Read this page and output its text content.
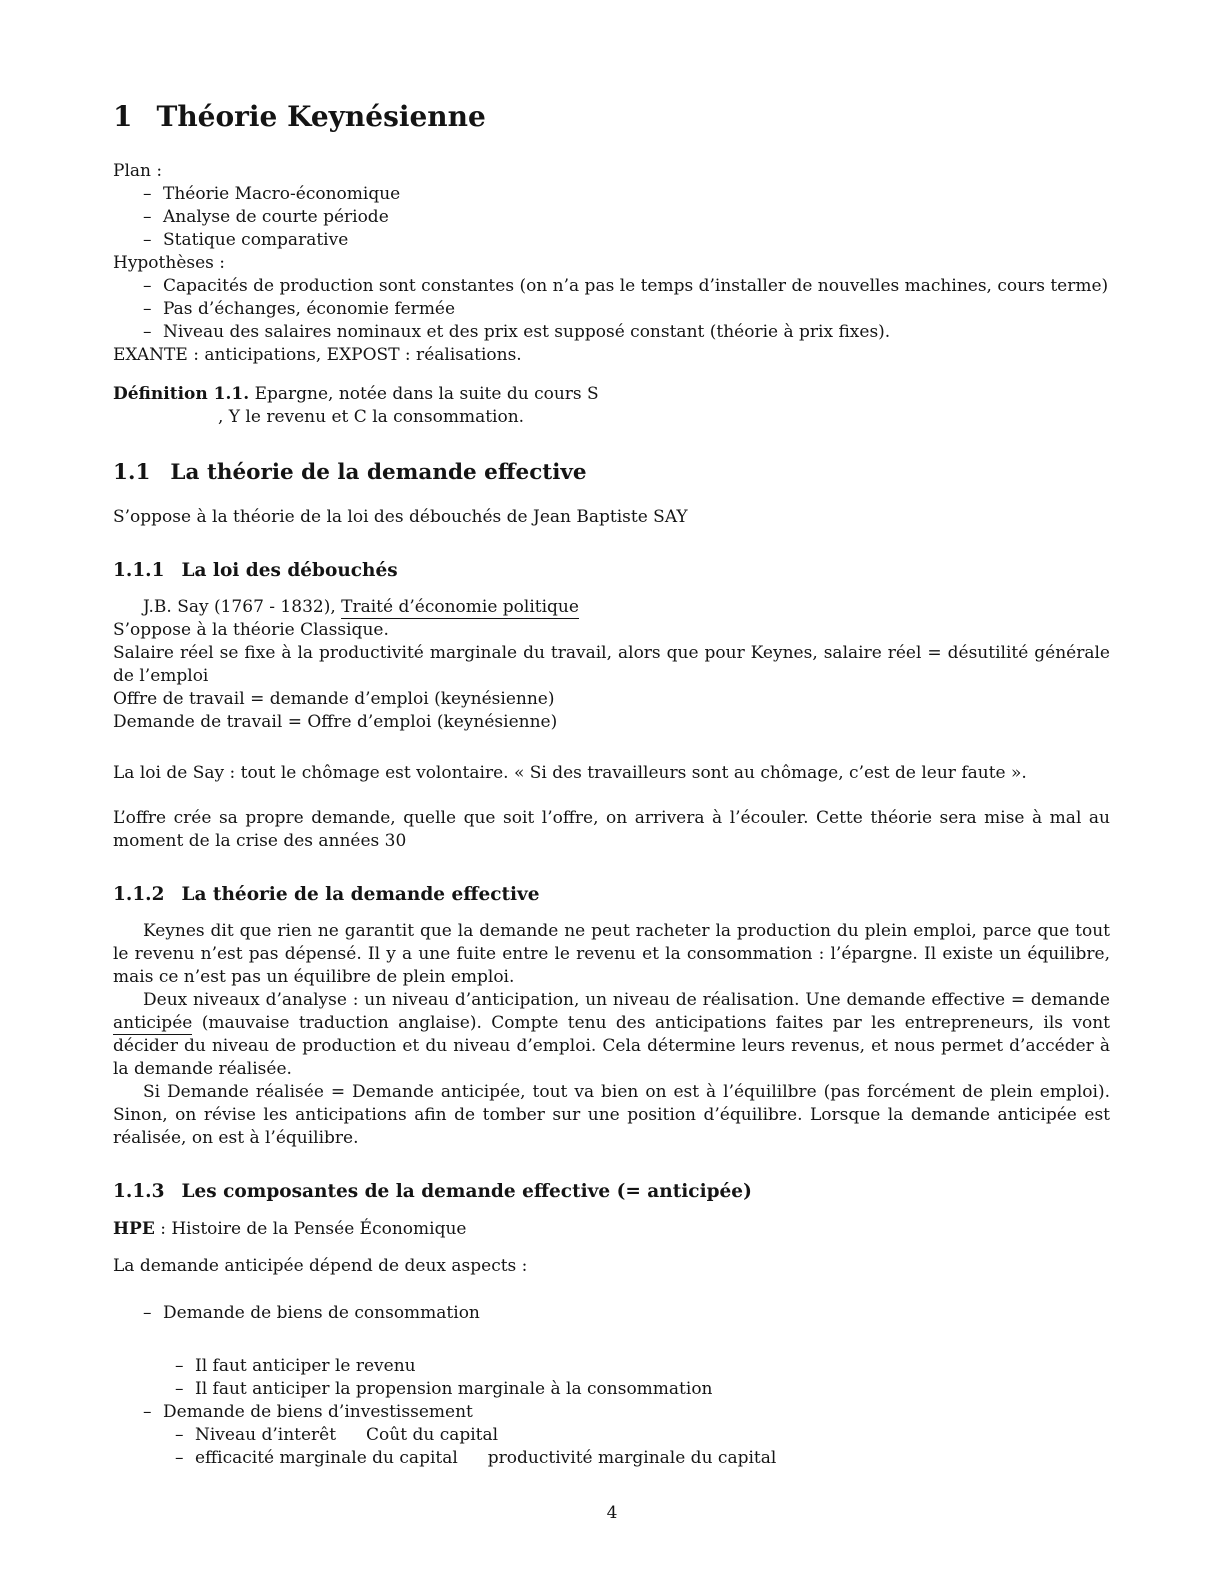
1 Théorie Keynésienne
Plan :
– Théorie Macro-économique
– Analyse de courte période
– Statique comparative
Hypothèses :
– Capacités de production sont constantes (on n’a pas le temps d’installer de nouvelles machines, cours terme)
– Pas d’échanges, économie fermée
– Niveau des salaires nominaux et des prix est supposé constant (théorie à prix fixes).
EXANTE : anticipations, EXPOST : réalisations.
Définition 1.1. Epargne, notée dans la suite du cours S
, Y le revenu et C la consommation.
1.1 La théorie de la demande effective
S’oppose à la théorie de la loi des débouchés de Jean Baptiste SAY
1.1.1 La loi des débouchés

J.B. Say (1767 - 1832), Traité d’économie politique

S’oppose à la théorie Classique.
Salaire réel se fixe à la productivité marginale du travail, alors que pour Keynes, salaire réel = désutilité générale de l’emploi
Offre de travail = demande d’emploi (keynésienne)
Demande de travail = Offre d’emploi (keynésienne)
La loi de Say : tout le chômage est volontaire. « Si des travailleurs sont au chômage, c’est de leur faute ».
L’offre crée sa propre demande, quelle que soit l’offre, on arrivera à l’écouler. Cette théorie sera mise à mal au moment de la crise des années 30
1.1.2 La théorie de la demande effective

Keynes dit que rien ne garantit que la demande ne peut racheter la production du plein emploi, parce que tout le revenu n’est pas dépensé. Il y a une fuite entre le revenu et la consommation : l’épargne. Il existe un équilibre, mais ce n’est pas un équilibre de plein emploi.

Deux niveaux d’analyse : un niveau d’anticipation, un niveau de réalisation. Une demande effective = demande anticipée (mauvaise traduction anglaise). Compte tenu des anticipations faites par les entrepreneurs, ils vont décider du niveau de production et du niveau d’emploi. Cela détermine leurs revenus, et nous permet d’accéder à la demande réalisée.

Si Demande réalisée = Demande anticipée, tout va bien on est à l’équililbre (pas forcément de plein emploi). Sinon, on révise les anticipations afin de tomber sur une position d’équilibre. Lorsque la demande anticipée est réalisée, on est à l’équilibre.

1.1.3 Les composantes de la demande effective (= anticipée)
HPE : Histoire de la Pensée Économique
La demande anticipée dépend de deux aspects :
– Demande de biens de consommation
– Il faut anticiper le revenu
– Il faut anticiper la propension marginale à la consommation
– Demande de biens d’investissement
– Niveau d’interêt Coût du capital
– efficacité marginale du capital productivité marginale du capital
4
